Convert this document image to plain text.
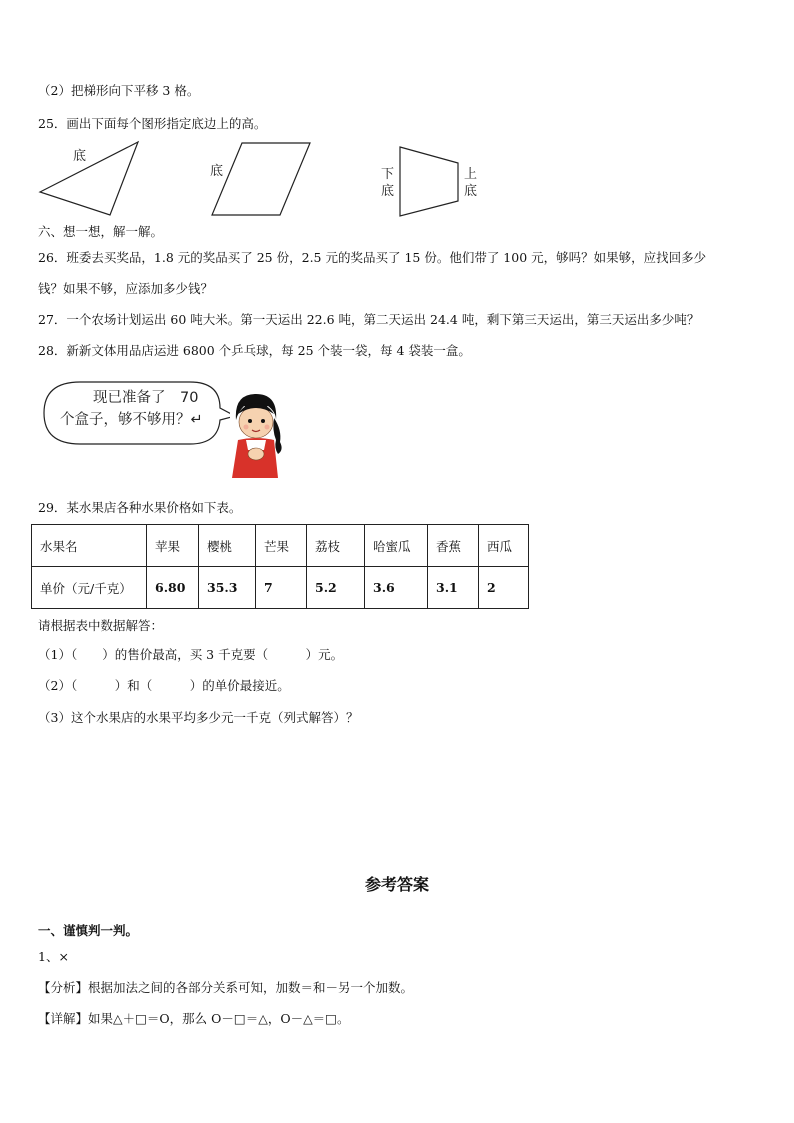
（2）把梯形向下平移 3 格。
25．画出下面每个图形指定底边上的高。
底
底	下
底
上
底
六、想一想，解一解。
26．班委去买奖品，1.8 元的奖品买了 25 份，2.5 元的奖品买了 15 份。他们带了 100 元，够吗？如果够，应找回多少
钱？如果不够，应添加多少钱？
27．一个农场计划运出 60 吨大米。第一天运出 22.6 吨，第二天运出 24.4 吨，剩下第三天运出，第三天运出多少吨？
28．新新文体用品店运进 6800 个乒乓球，每 25 个装一袋，每 4 袋装一盒。
现已准备了　70
个盒子，够不够用？↵
29．某水果店各种水果价格如下表。
水果名	苹果	樱桃	芒果	荔枝	哈蜜瓜	香蕉	西瓜
单价（元/千克）	6.80	35.3	7	5.2	3.6	3.1	2
请根据表中数据解答：
（1）（　　）的售价最高，买 3 千克要（　　　）元。
（2）（　　　）和（　　　）的单价最接近。
（3）这个水果店的水果平均多少元一千克（列式解答）？
参考答案
一、谨慎判一判。
1、×
【分析】根据加法之间的各部分关系可知，加数＝和－另一个加数。
【详解】如果△＋□＝O，那么 O－□＝△，O－△＝□。
